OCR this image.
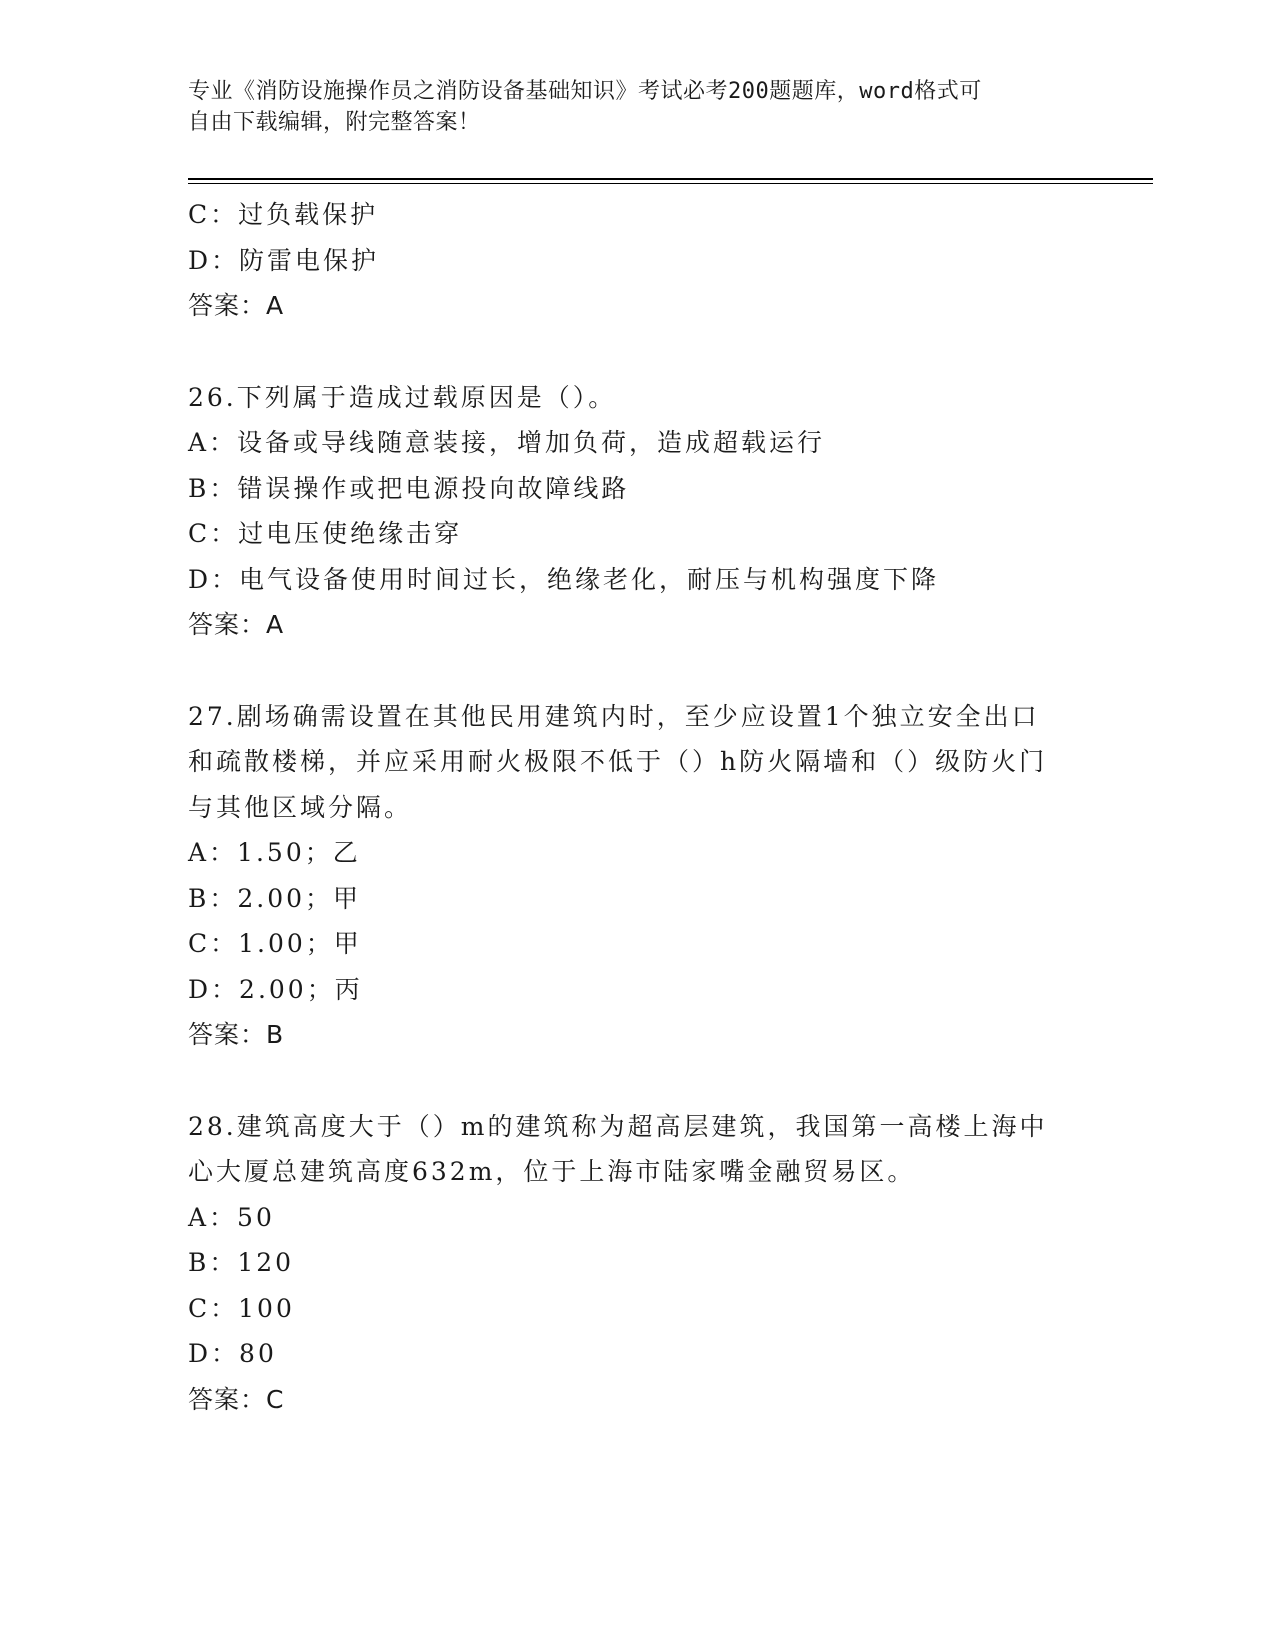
专业《消防设施操作员之消防设备基础知识》考试必考200题题库，word格式可
自由下载编辑，附完整答案！
C：过负载保护
D：防雷电保护
答案：A
26.下列属于造成过载原因是（）。
A：设备或导线随意装接，增加负荷，造成超载运行
B：错误操作或把电源投向故障线路
C：过电压使绝缘击穿
D：电气设备使用时间过长，绝缘老化，耐压与机构强度下降
答案：A
27.剧场确需设置在其他民用建筑内时，至少应设置1个独立安全出口
和疏散楼梯，并应采用耐火极限不低于（）h防火隔墙和（）级防火门
与其他区域分隔。
A：1.50；乙
B：2.00；甲
C：1.00；甲
D：2.00；丙
答案：B
28.建筑高度大于（）m的建筑称为超高层建筑，我国第一高楼上海中
心大厦总建筑高度632m，位于上海市陆家嘴金融贸易区。
A：50
B：120
C：100
D：80
答案：C
